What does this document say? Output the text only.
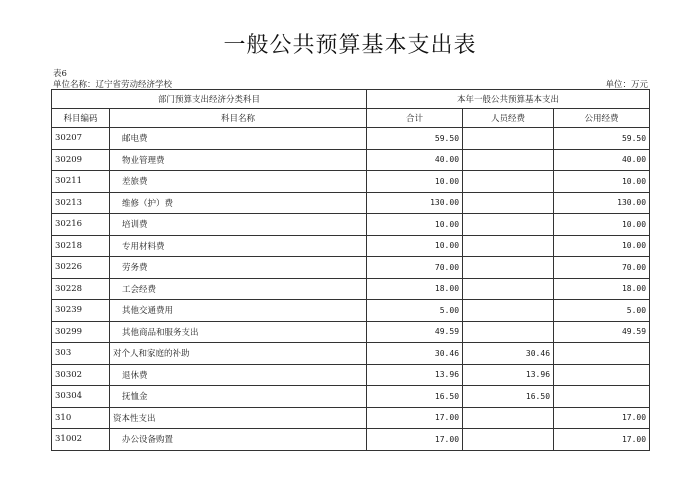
一般公共预算基本支出表
表6
单位名称：辽宁省劳动经济学校	单位：万元
部门预算支出经济分类科目		本年一般公共预算基本支出		
科目编码	科目名称	合计	人员经费	公用经费
30207	邮电费	59.50		59.50
30209	物业管理费	40.00		40.00
30211	差旅费	10.00		10.00
30213	维修（护）费	130.00		130.00
30216	培训费	10.00		10.00
30218	专用材料费	10.00		10.00
30226	劳务费	70.00		70.00
30228	工会经费	18.00		18.00
30239	其他交通费用	5.00		5.00
30299	其他商品和服务支出	49.59		49.59
303	对个人和家庭的补助	30.46	30.46	
30302	退休费	13.96	13.96	
30304	抚恤金	16.50	16.50	
310	资本性支出	17.00		17.00
31002	办公设备购置	17.00		17.00
